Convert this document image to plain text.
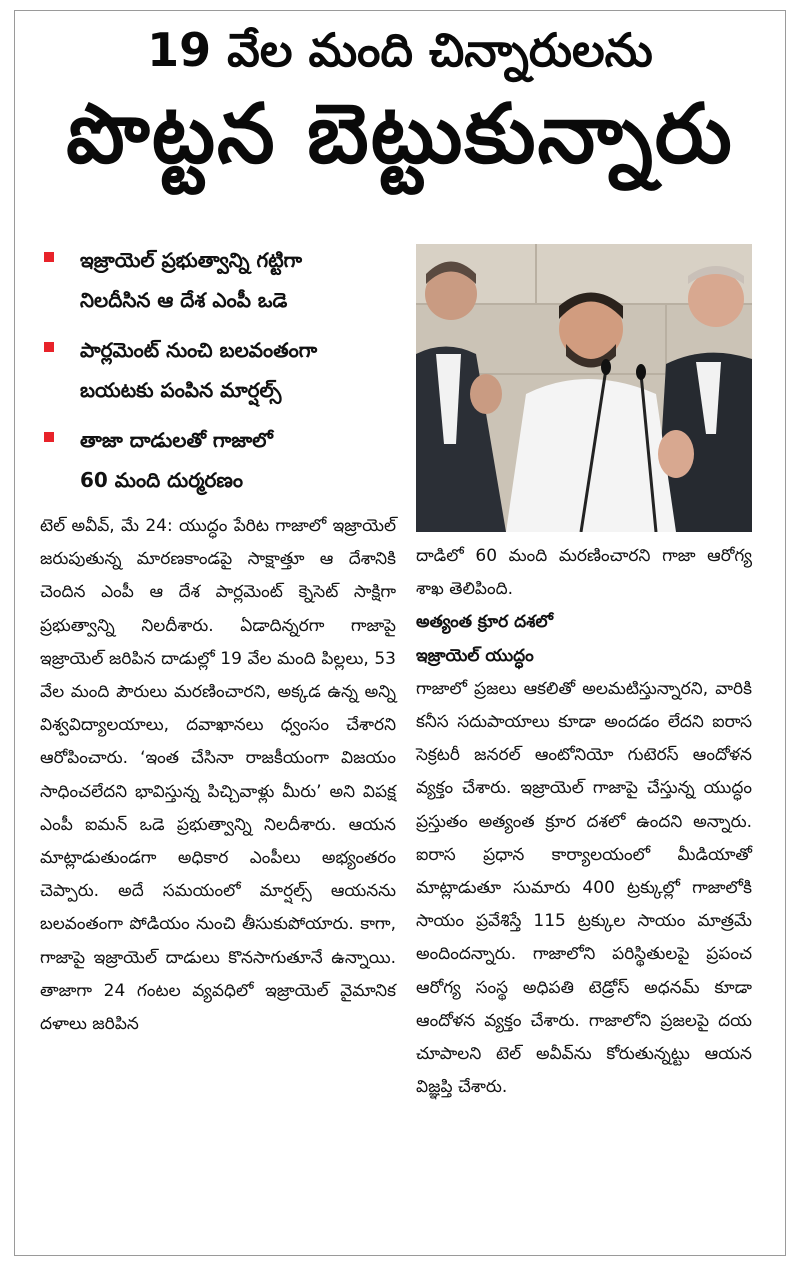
19 వేల మంది చిన్నారులను
పొట్టన బెట్టుకున్నారు
ఇజ్రాయెల్ ప్రభుత్వాన్ని గట్టిగా
నిలదీసిన ఆ దేశ ఎంపీ ఒడె
పార్లమెంట్ నుంచి బలవంతంగా
బయటకు పంపిన మార్షల్స్
తాజా దాడులతో గాజాలో
60 మంది దుర్మరణం

టెల్ అవీవ్, మే 24: యుద్ధం పేరిట గాజాలో ఇజ్రాయెల్ జరుపుతున్న మారణకాండపై సాక్షాత్తూ ఆ దేశానికి చెందిన ఎంపీ ఆ దేశ పార్లమెంట్ క్నెసెట్ సాక్షిగా ప్రభుత్వాన్ని నిలదీశారు. ఏడాదిన్నరగా గాజాపై ఇజ్రాయెల్ జరిపిన దాడుల్లో 19 వేల మంది పిల్లలు, 53 వేల మంది పౌరులు మరణించారని, అక్కడ ఉన్న అన్ని విశ్వవిద్యాలయాలు, దవాఖానలు ధ్వంసం చేశారని ఆరోపించారు. ‘ఇంత చేసినా రాజకీయంగా విజయం సాధించలేదని భావిస్తున్న పిచ్చివాళ్లు మీరు’ అని విపక్ష ఎంపీ ఐమన్ ఒడె ప్రభుత్వాన్ని నిలదీశారు. ఆయన మాట్లాడుతుండగా అధికార ఎంపీలు అభ్యంతరం చెప్పారు. అదే సమయంలో మార్షల్స్ ఆయనను బలవంతంగా పోడియం నుంచి తీసుకుపోయారు. కాగా, గాజాపై ఇజ్రాయెల్ దాడులు కొనసాగుతూనే ఉన్నాయి. తాజాగా 24 గంటల వ్యవధిలో ఇజ్రాయెల్ వైమానిక దళాలు జరిపిన

దాడిలో 60 మంది మరణించారని గాజా ఆరోగ్య శాఖ తెలిపింది.

అత్యంత క్రూర దశలో
ఇజ్రాయెల్ యుద్ధం

గాజాలో ప్రజలు ఆకలితో అలమటిస్తున్నారని, వారికి కనీస సదుపాయాలు కూడా అందడం లేదని ఐరాస సెక్రటరీ జనరల్ ఆంటోనియో గుటెరస్ ఆందోళన వ్యక్తం చేశారు. ఇజ్రాయెల్ గాజాపై చేస్తున్న యుద్ధం ప్రస్తుతం అత్యంత క్రూర దశలో ఉందని అన్నారు. ఐరాస ప్రధాన కార్యాలయంలో మీడియాతో మాట్లాడుతూ సుమారు 400 ట్రక్కుల్లో గాజాలోకి సాయం ప్రవేశిస్తే 115 ట్రక్కుల సాయం మాత్రమే అందిందన్నారు. గాజాలోని పరిస్థితులపై ప్రపంచ ఆరోగ్య సంస్థ అధిపతి టెడ్రోస్ అధనమ్ కూడా ఆందోళన వ్యక్తం చేశారు. గాజాలోని ప్రజలపై దయ చూపాలని టెల్ అవీవ్‌ను కోరుతున్నట్టు ఆయన విజ్ఞప్తి చేశారు.
